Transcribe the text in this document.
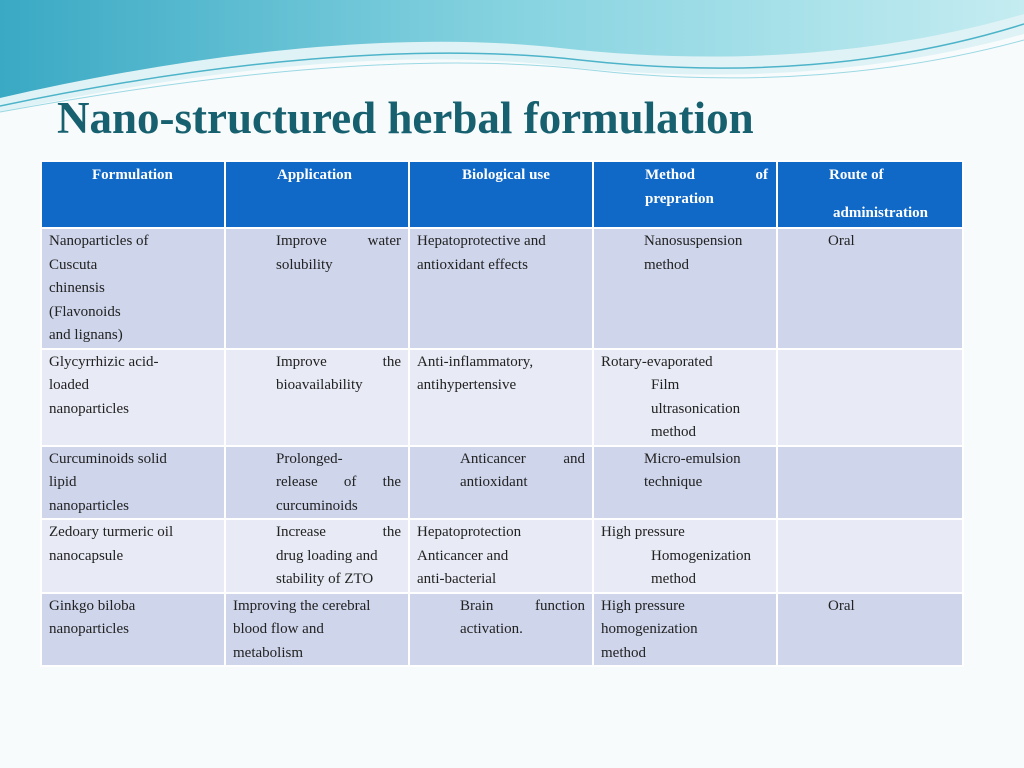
Nano-structured herbal formulation
Formulation	Application	Biological use	Method of
prepration	Route of
administration

Nanoparticles of
Cuscuta
chinensis
(Flavonoids
and lignans)	Improve water
solubility	Hepatoprotective and
antioxidant effects	Nanosuspension
method	Oral

Glycyrrhizic acid-
loaded
nanoparticles	Improve the
bioavailability	Anti-inflammatory,
antihypertensive	Rotary-evaporated
Film
ultrasonication
method	

Curcuminoids solid
lipid
nanoparticles	Prolonged-
release of the
curcuminoids	Anticancer and
antioxidant	Micro-emulsion
technique	

Zedoary turmeric oil
nanocapsule	Increase the
drug loading and
stability of ZTO	Hepatoprotection
Anticancer and
anti-bacterial	High pressure
Homogenization
method	

Ginkgo biloba
nanoparticles	Improving the cerebral
blood flow and
metabolism	Brain function
activation.	High pressure
homogenization
method	Oral
